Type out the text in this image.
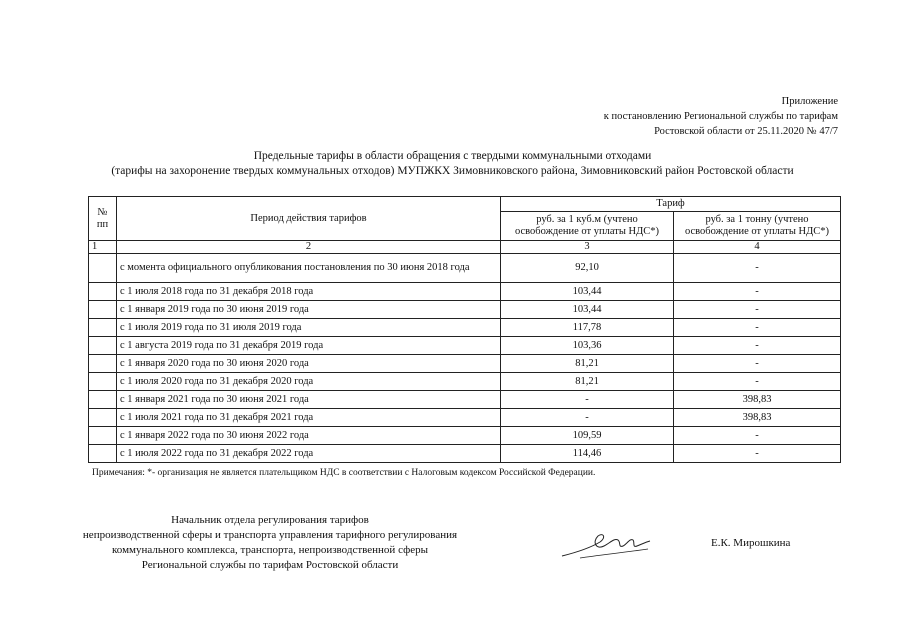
Приложение
к постановлению Региональной службы по тарифам
Ростовской области от 25.11.2020 № 47/7
Предельные тарифы в области обращения с твердыми коммунальными отходами
(тарифы на захоронение твердых коммунальных отходов) МУПЖКХ Зимовниковского района, Зимовниковский район Ростовской области
№ пп	Период действия тарифов	Тариф	
		руб. за 1 куб.м (учтено освобождение от уплаты НДС*)	руб. за 1 тонну (учтено освобождение от уплаты НДС*)
1	2	3	4
	с момента официального опубликования постановления по 30 июня 2018 года	92,10	-
	с 1 июля 2018 года по 31 декабря 2018 года	103,44	-
	с 1 января 2019 года по 30 июня 2019 года	103,44	-
	с 1 июля 2019 года по 31 июля 2019 года	117,78	-
	с 1 августа 2019 года по 31 декабря 2019 года	103,36	-
	с 1 января 2020 года по 30 июня 2020 года	81,21	-
	с 1 июля 2020 года по 31 декабря 2020 года	81,21	-
	с 1 января 2021 года по 30 июня 2021 года	-	398,83
	с 1 июля 2021 года по 31 декабря 2021 года	-	398,83
	с 1 января 2022 года по 30 июня 2022 года	109,59	-
	с 1 июля 2022 года по 31 декабря 2022 года	114,46	-
Примечания: *- организация не является плательщиком НДС в соответствии с Налоговым кодексом Российской Федерации.
Начальник отдела регулирования тарифов
непроизводственной сферы и транспорта управления тарифного регулирования
коммунального комплекса, транспорта, непроизводственной сферы
Региональной службы по тарифам Ростовской области
Е.К. Мирошкина
